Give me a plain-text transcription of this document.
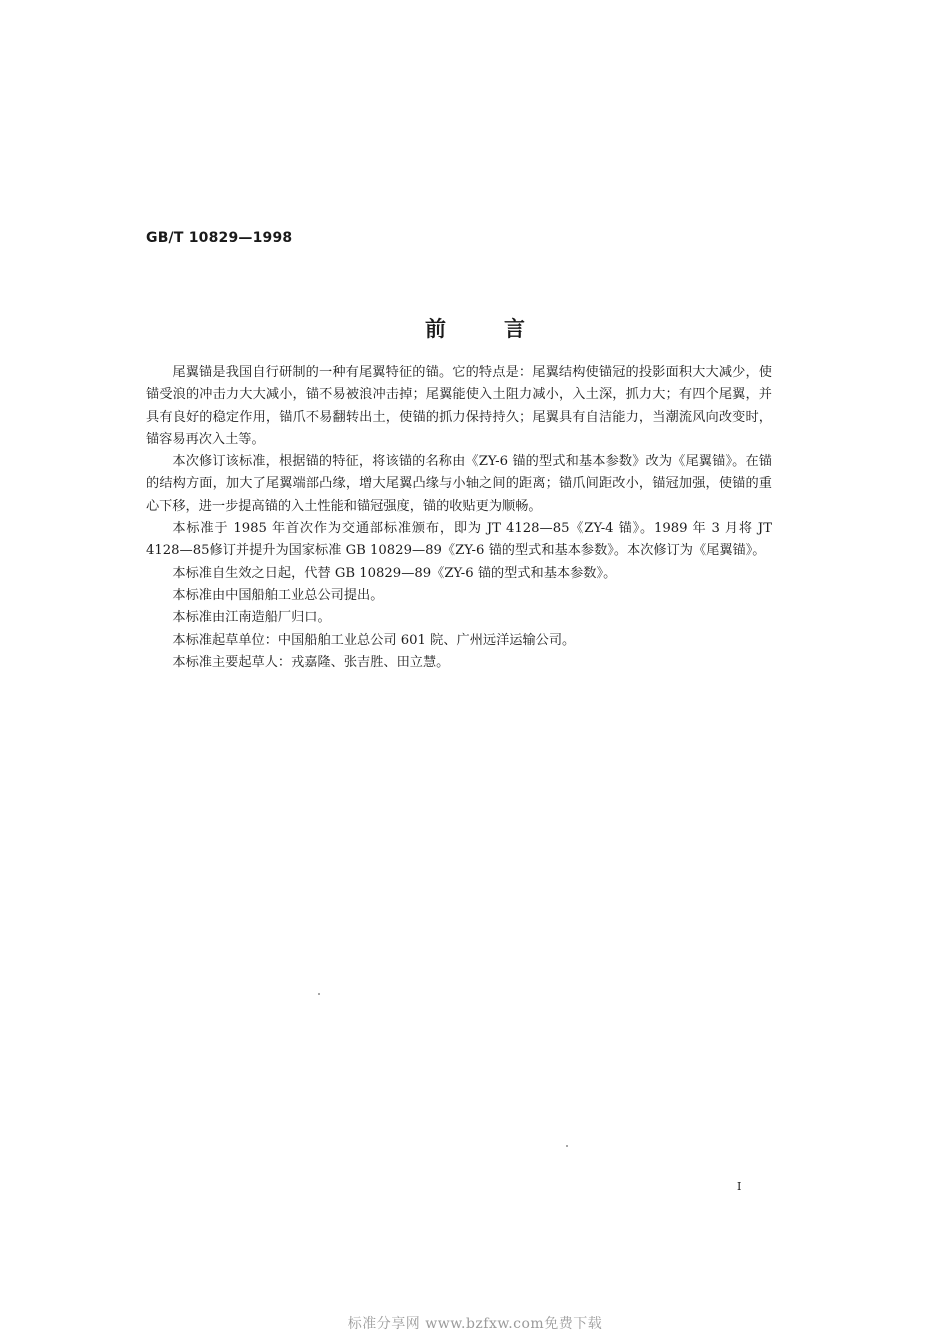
GB/T 10829—1998
前言

尾翼锚是我国自行研制的一种有尾翼特征的锚。它的特点是：尾翼结构使锚冠的投影面积大大减少，使锚受浪的冲击力大大减小，锚不易被浪冲击掉；尾翼能使入土阻力减小，入土深，抓力大；有四个尾翼，并具有良好的稳定作用，锚爪不易翻转出土，使锚的抓力保持持久；尾翼具有自洁能力，当潮流风向改变时，锚容易再次入土等。

本次修订该标准，根据锚的特征，将该锚的名称由《ZY-6 锚的型式和基本参数》改为《尾翼锚》。在锚的结构方面，加大了尾翼端部凸缘，增大尾翼凸缘与小轴之间的距离；锚爪间距改小，锚冠加强，使锚的重心下移，进一步提高锚的入土性能和锚冠强度，锚的收贴更为顺畅。

本标准于 1985 年首次作为交通部标准颁布，即为 JT 4128—85《ZY-4 锚》。1989 年 3 月将 JT 4128—85修订并提升为国家标准 GB 10829—89《ZY-6 锚的型式和基本参数》。本次修订为《尾翼锚》。

本标准自生效之日起，代替 GB 10829—89《ZY-6 锚的型式和基本参数》。

本标准由中国船舶工业总公司提出。

本标准由江南造船厂归口。

本标准起草单位：中国船舶工业总公司 601 院、广州远洋运输公司。

本标准主要起草人：戎嘉隆、张吉胜、田立慧。

I
标准分享网 www.bzfxw.com免费下载
